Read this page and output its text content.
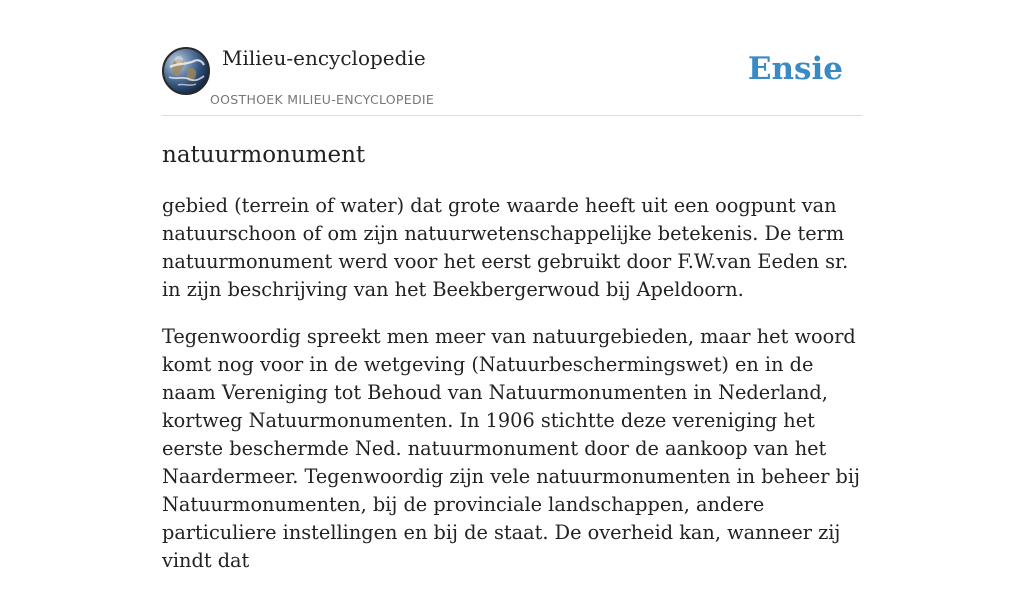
Milieu-encyclopedie
OOSTHOEK MILIEU-ENCYCLOPEDIE
Ensie
natuurmonument

gebied (terrein of water) dat grote waarde heeft uit een oogpunt van natuurschoon of om zijn natuurwetenschappelijke betekenis. De term natuurmonument werd voor het eerst gebruikt door F.W.van Eeden sr. in zijn beschrijving van het Beekbergerwoud bij Apeldoorn.

Tegenwoordig spreekt men meer van natuurgebieden, maar het woord komt nog voor in de wetgeving (Natuurbeschermingswet) en in de naam Vereniging tot Behoud van Natuurmonumenten in Nederland, kortweg Natuurmonumenten. In 1906 stichtte deze vereniging het eerste beschermde Ned. natuurmonument door de aankoop van het Naardermeer. Tegenwoordig zijn vele natuurmonumenten in beheer bij Natuurmonumenten, bij de provinciale landschappen, andere particuliere instellingen en bij de staat. De overheid kan, wanneer zij vindt dat
